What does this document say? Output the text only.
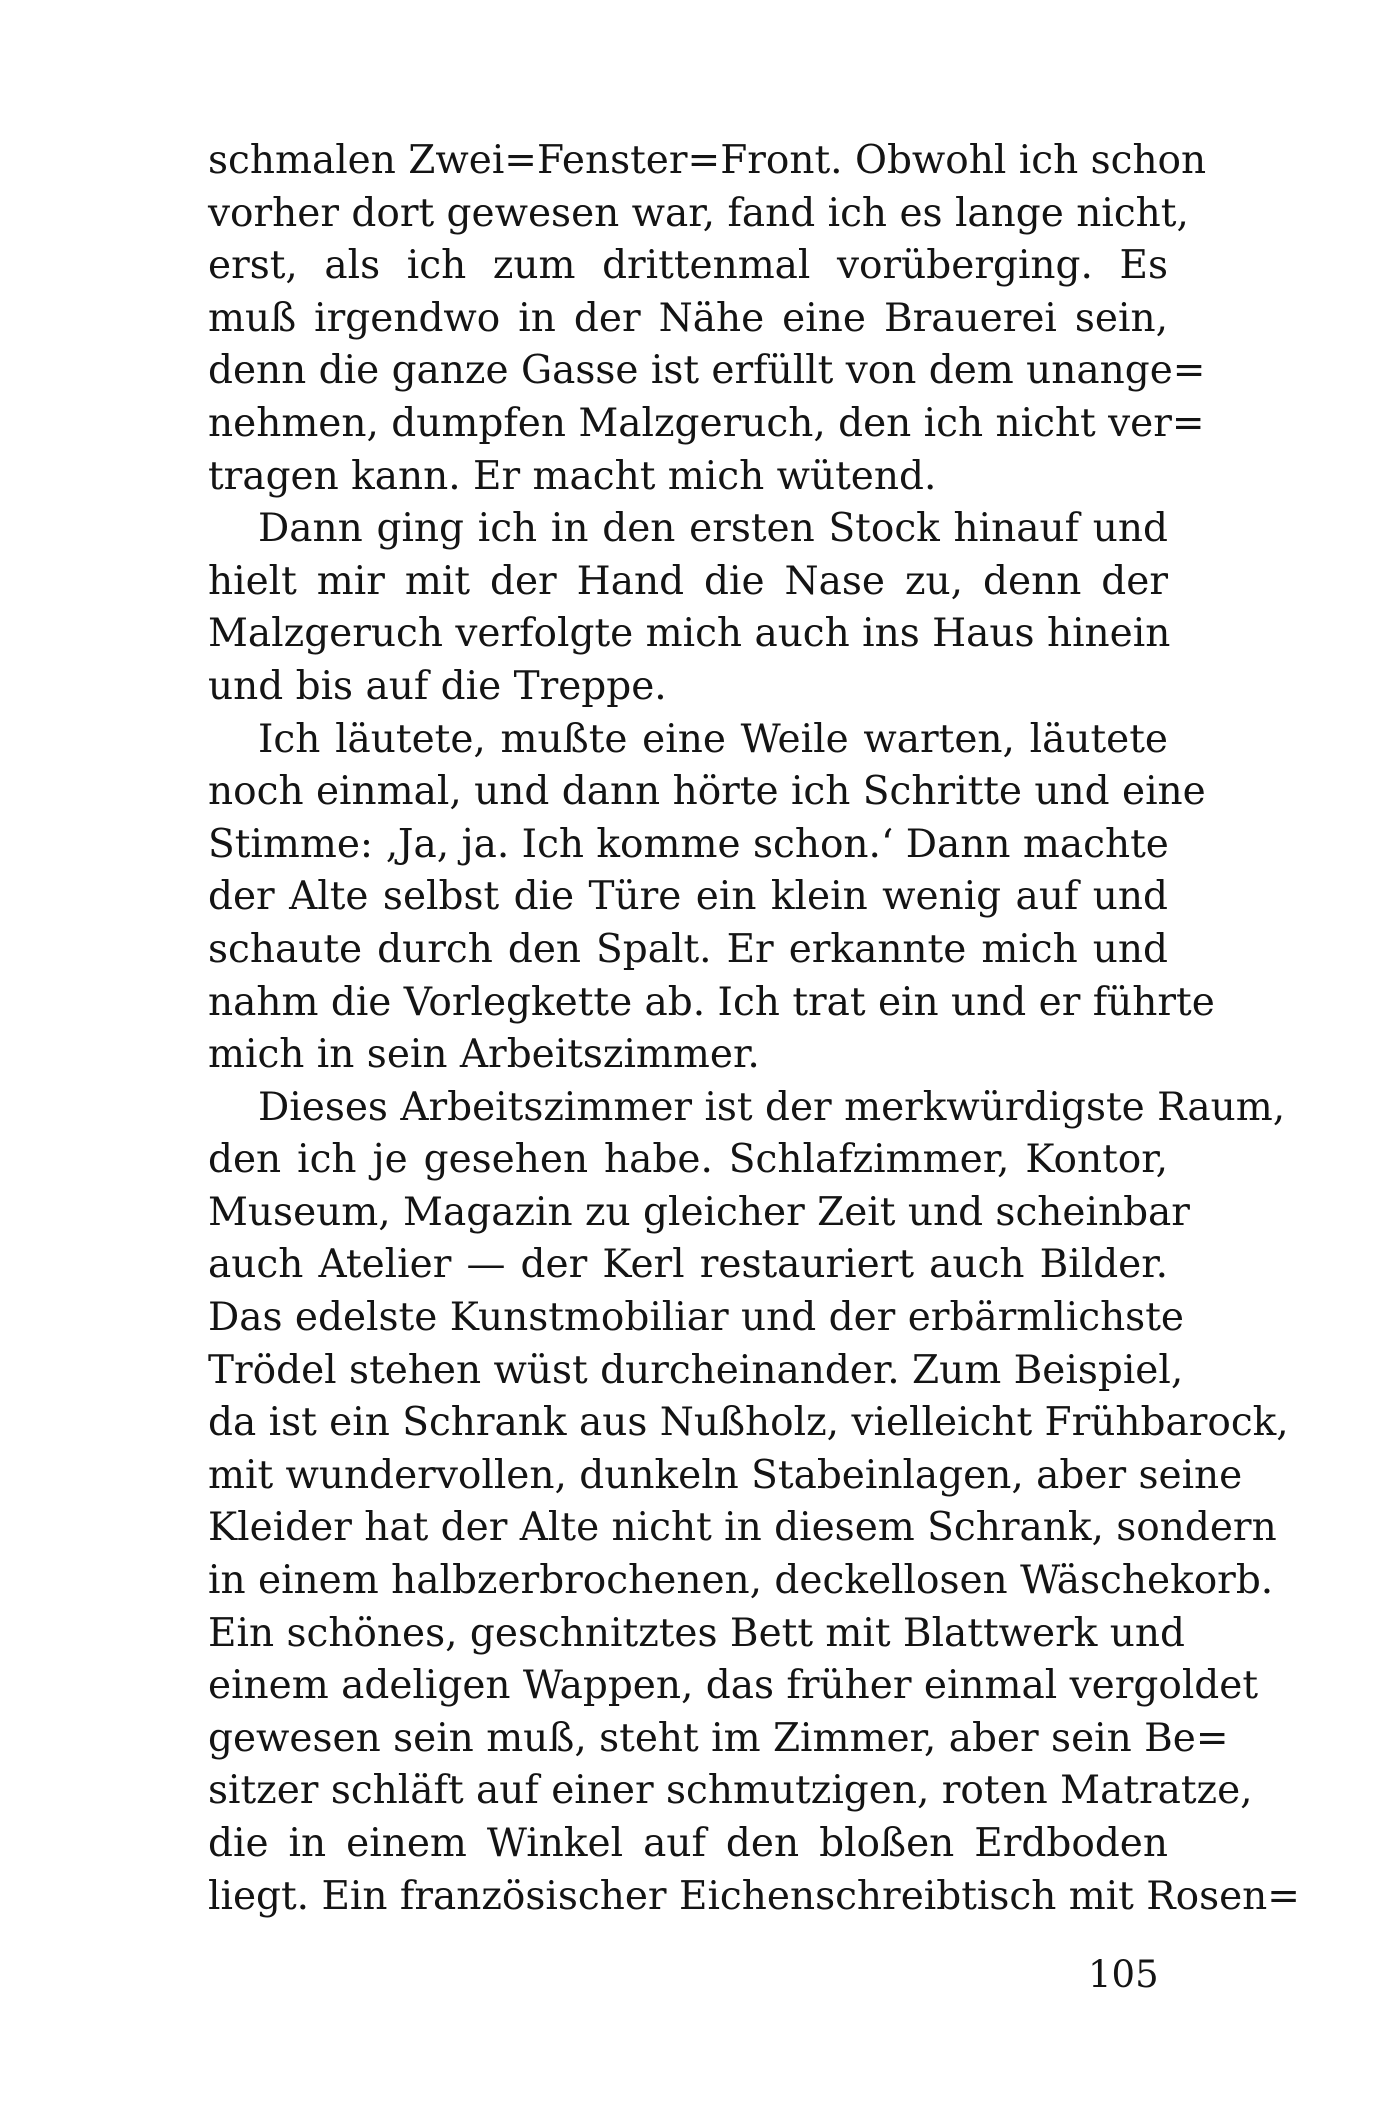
schmalen Zwei=Fenster=Front. Obwohl ich schon
vorher dort gewesen war, fand ich es lange nicht,
erst, als ich zum drittenmal vorüberging. Es
muß irgendwo in der Nähe eine Brauerei sein,
denn die ganze Gasse ist erfüllt von dem unange=
nehmen, dumpfen Malzgeruch, den ich nicht ver=
tragen kann. Er macht mich wütend.
Dann ging ich in den ersten Stock hinauf und
hielt mir mit der Hand die Nase zu, denn der
Malzgeruch verfolgte mich auch ins Haus hinein
und bis auf die Treppe.
Ich läutete, mußte eine Weile warten, läutete
noch einmal, und dann hörte ich Schritte und eine
Stimme: ‚Ja, ja. Ich komme schon.‘ Dann machte
der Alte selbst die Türe ein klein wenig auf und
schaute durch den Spalt. Er erkannte mich und
nahm die Vorlegkette ab. Ich trat ein und er führte
mich in sein Arbeitszimmer.
Dieses Arbeitszimmer ist der merkwürdigste Raum,
den ich je gesehen habe. Schlafzimmer, Kontor,
Museum, Magazin zu gleicher Zeit und scheinbar
auch Atelier — der Kerl restauriert auch Bilder.
Das edelste Kunstmobiliar und der erbärmlichste
Trödel stehen wüst durcheinander. Zum Beispiel,
da ist ein Schrank aus Nußholz, vielleicht Frühbarock,
mit wundervollen, dunkeln Stabeinlagen, aber seine
Kleider hat der Alte nicht in diesem Schrank, sondern
in einem halbzerbrochenen, deckellosen Wäschekorb.
Ein schönes, geschnitztes Bett mit Blattwerk und
einem adeligen Wappen, das früher einmal vergoldet
gewesen sein muß, steht im Zimmer, aber sein Be=
sitzer schläft auf einer schmutzigen, roten Matratze,
die in einem Winkel auf den bloßen Erdboden
liegt. Ein französischer Eichenschreibtisch mit Rosen=
105
